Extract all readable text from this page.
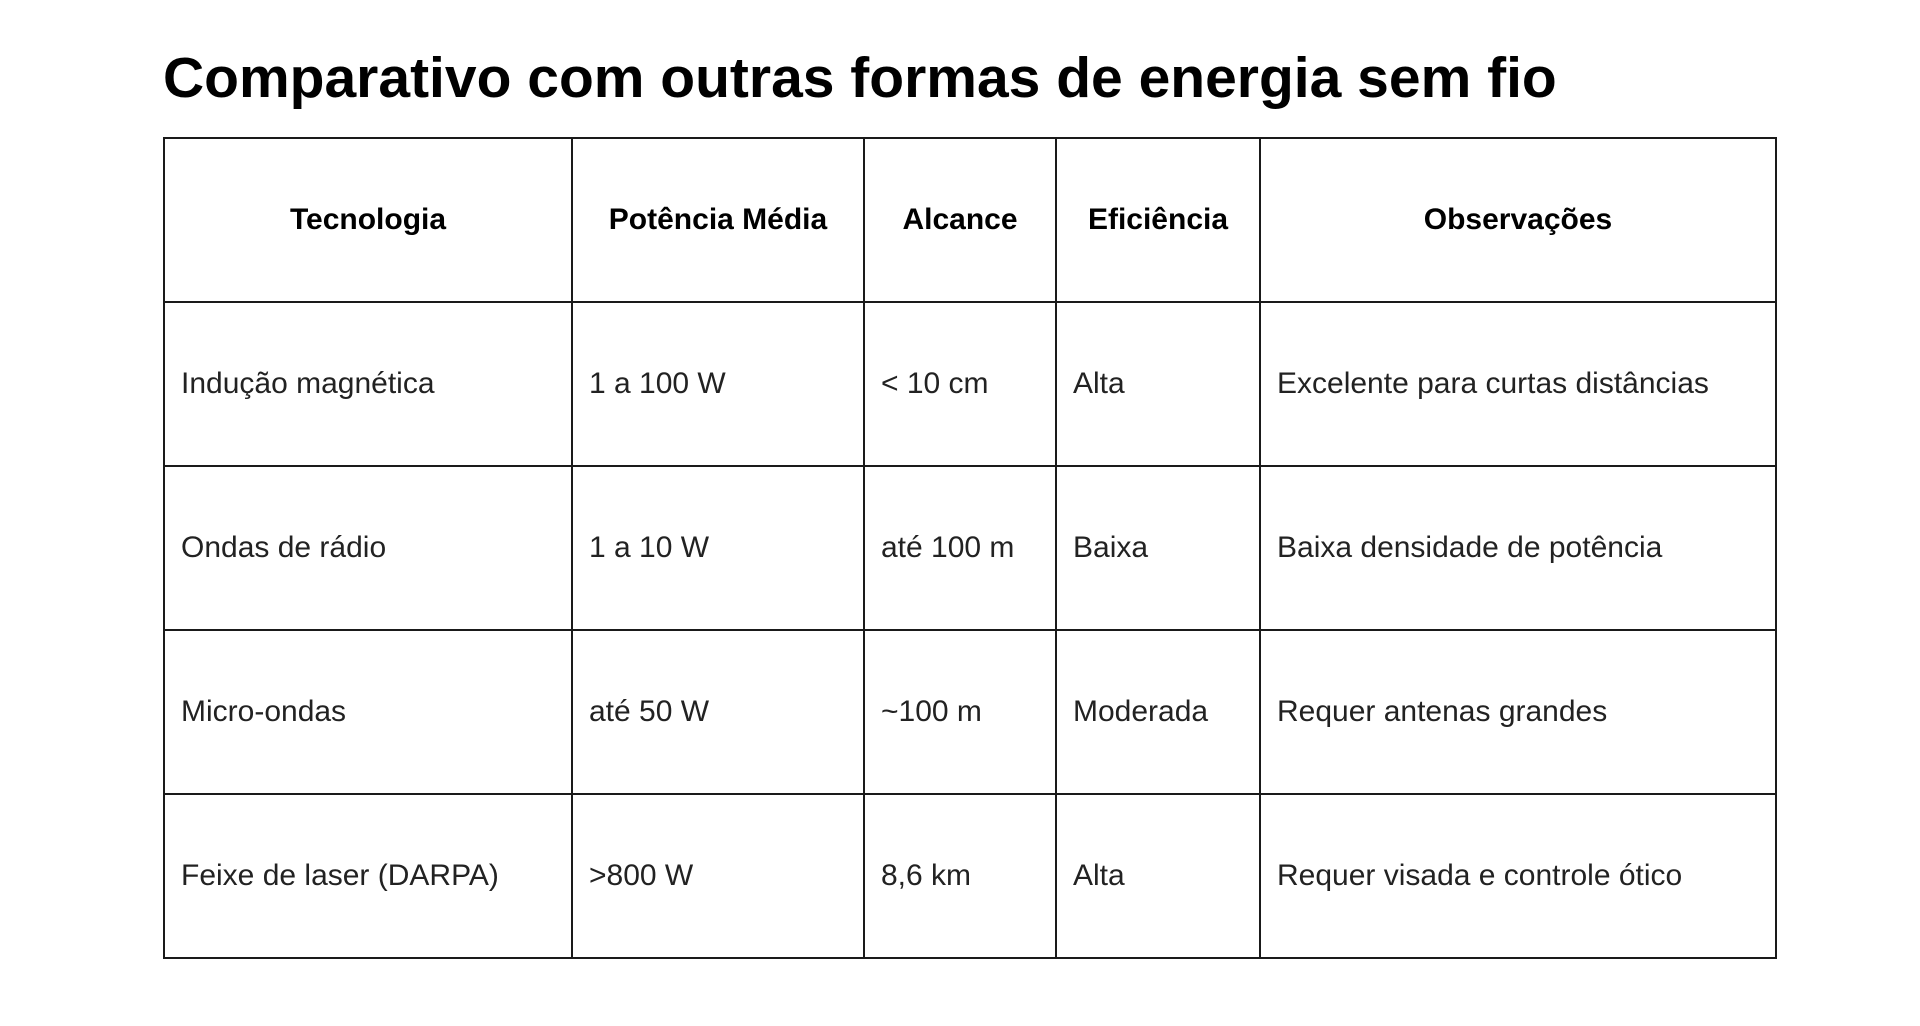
Comparativo com outras formas de energia sem fio
Tecnologia	Potência Média	Alcance	Eficiência	Observações
Indução magnética	1 a 100 W	< 10 cm	Alta	Excelente para curtas distâncias
Ondas de rádio	1 a 10 W	até 100 m	Baixa	Baixa densidade de potência
Micro-ondas	até 50 W	~100 m	Moderada	Requer antenas grandes
Feixe de laser (DARPA)	>800 W	8,6 km	Alta	Requer visada e controle ótico
